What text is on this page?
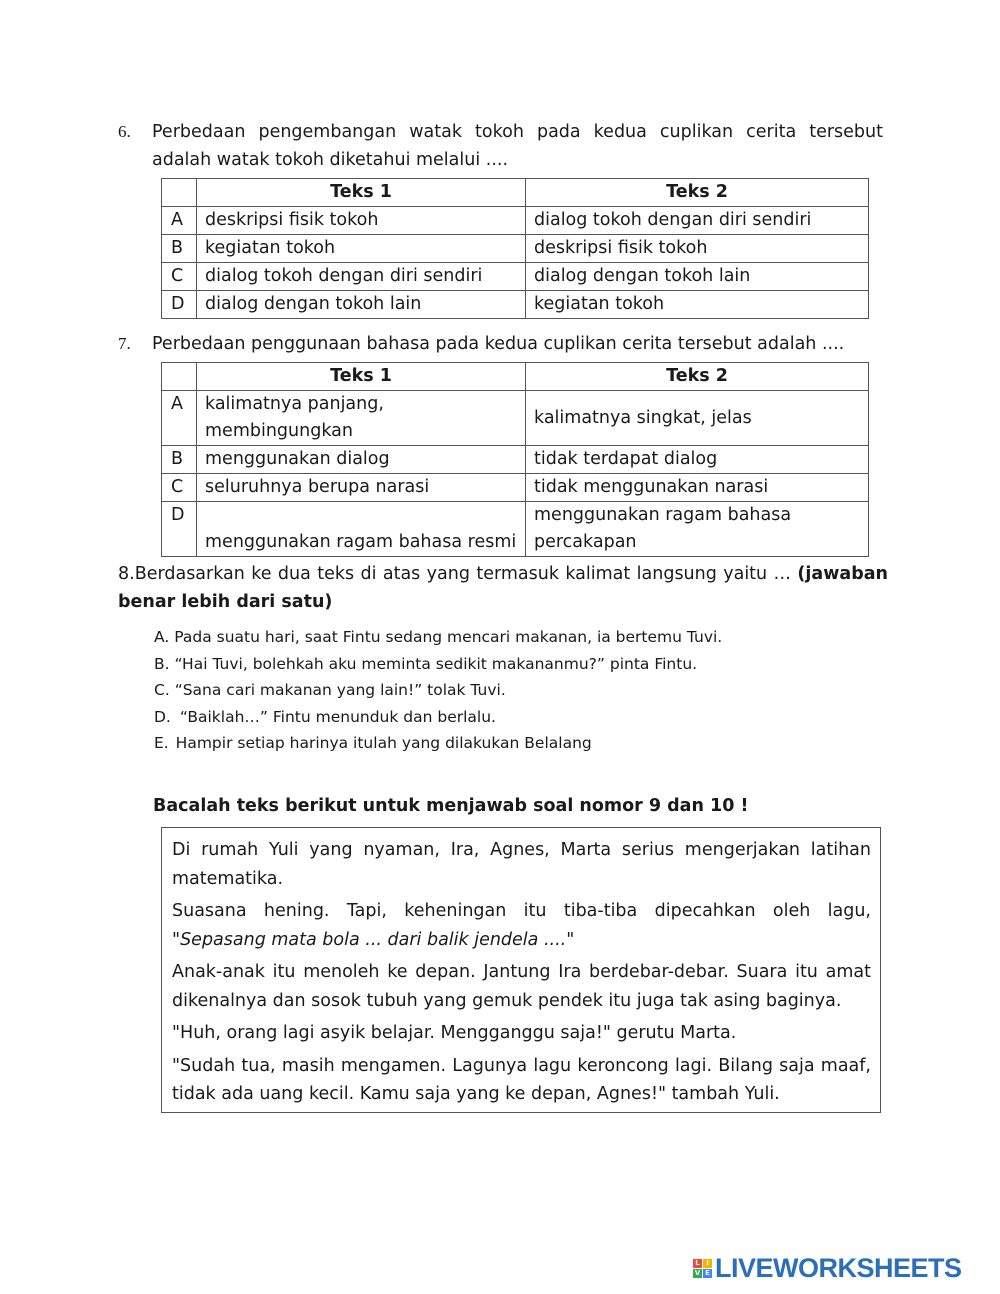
6. Perbedaan pengembangan watak tokoh pada kedua cuplikan cerita tersebut adalah watak tokoh diketahui melalui ....
	Teks 1	Teks 2
A	deskripsi fisik tokoh	dialog tokoh dengan diri sendiri
B	kegiatan tokoh	deskripsi fisik tokoh
C	dialog tokoh dengan diri sendiri	dialog dengan tokoh lain
D	dialog dengan tokoh lain	kegiatan tokoh
7. Perbedaan penggunaan bahasa pada kedua cuplikan cerita tersebut adalah ....
	Teks 1	Teks 2
A	kalimatnya panjang, membingungkan	kalimatnya singkat, jelas
B	menggunakan dialog	tidak terdapat dialog
C	seluruhnya berupa narasi	tidak menggunakan narasi
D	menggunakan ragam bahasa resmi	menggunakan ragam bahasa percakapan
8.Berdasarkan ke dua teks di atas yang termasuk kalimat langsung yaitu … (jawaban benar lebih dari satu)
A. Pada suatu hari, saat Fintu sedang mencari makanan, ia bertemu Tuvi.
B. “Hai Tuvi, bolehkah aku meminta sedikit makananmu?” pinta Fintu.
C. “Sana cari makanan yang lain!” tolak Tuvi.
D. “Baiklah…” Fintu menunduk dan berlalu.
E. Hampir setiap harinya itulah yang dilakukan Belalang
Bacalah teks berikut untuk menjawab soal nomor 9 dan 10 !

Di rumah Yuli yang nyaman, Ira, Agnes, Marta serius mengerjakan latihan matematika.

Suasana hening. Tapi, keheningan itu tiba-tiba dipecahkan oleh lagu, "Sepasang mata bola ... dari balik jendela ...."

Anak-anak itu menoleh ke depan. Jantung Ira berdebar-debar. Suara itu amat dikenalnya dan sosok tubuh yang gemuk pendek itu juga tak asing baginya.

"Huh, orang lagi asyik belajar. Mengganggu saja!" gerutu Marta.

"Sudah tua, masih mengamen. Lagunya lagu keroncong lagi. Bilang saja maaf, tidak ada uang kecil. Kamu saja yang ke depan, Agnes!" tambah Yuli.

L I
V E LIVEWORKSHEETS
